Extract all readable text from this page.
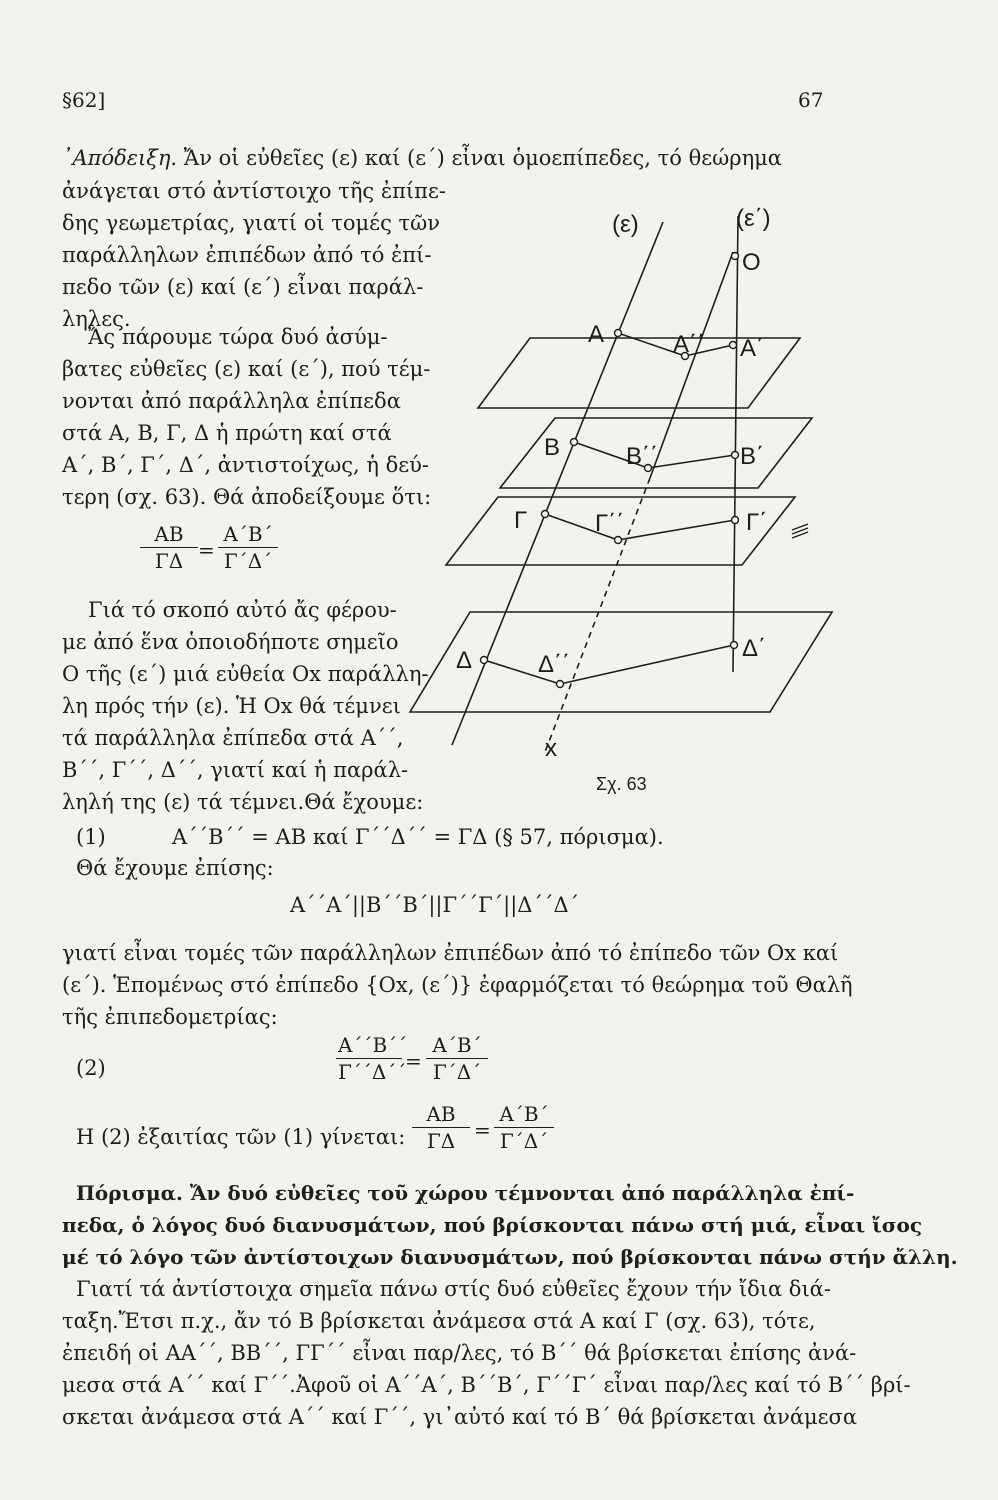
§62]	67
᾿Απόδειξη. Ἄν οἱ εὐθεῖες (ε) καί (ε΄) εἶναι ὁμοεπίπεδες, τό θεώρημα
ἀνάγεται στό ἀντίστοιχο τῆς ἐπίπε-
δης γεωμετρίας, γιατί οἱ τομές τῶν
παράλληλων ἐπιπέδων ἀπό τό ἐπί-
πεδο τῶν (ε) καί (ε΄) εἶναι παράλ-
ληλες.
Ἄς πάρουμε τώρα δυό ἀσύμ-
βατες εὐθεῖες (ε) καί (ε΄), πού τέμ-
νονται ἀπό παράλληλα ἐπίπεδα
στά Α, Β, Γ, Δ ἡ πρώτη καί στά
Α΄, Β΄, Γ΄, Δ΄, ἀντιστοίχως, ἡ δεύ-
τερη (σχ. 63). Θά ἀποδείξουμε ὅτι:
ΑΒ
ΓΔ =
Α΄Β΄
Γ΄Δ΄
Γιά τό σκοπό αὐτό ἄς φέρου-
με ἀπό ἕνα ὁποιοδήποτε σημεῖο
Ο τῆς (ε΄) μιά εὐθεία Οx παράλλη-
λη πρός τήν (ε). Ἡ Οx θά τέμνει
τά παράλληλα ἐπίπεδα στά Α΄΄,
Β΄΄, Γ΄΄, Δ΄΄, γιατί καί ἡ παράλ-
ληλή της (ε) τά τέμνει.Θά ἔχουμε:
(1)	Α΄΄Β΄΄ = ΑΒ καί Γ΄΄Δ΄΄ = ΓΔ (§ 57, πόρισμα).
Θά ἔχουμε ἐπίσης:
Α΄΄Α΄||Β΄΄Β΄||Γ΄΄Γ΄||Δ΄΄Δ΄
γιατί εἶναι τομές τῶν παράλληλων ἐπιπέδων ἀπό τό ἐπίπεδο τῶν Οx καί
(ε΄). Ἑπομένως στό ἐπίπεδο {Οx, (ε΄)} ἐφαρμόζεται τό θεώρημα τοῦ Θαλῆ
τῆς ἐπιπεδομετρίας:
(2)
Α΄΄Β΄΄
Γ΄΄Δ΄΄
=
Α΄Β΄
Γ΄Δ΄
Η (2) ἐξαιτίας τῶν (1) γίνεται:
ΑΒ
ΓΔ =
Α΄Β΄
Γ΄Δ΄
Πόρισμα. Ἄν δυό εὐθεῖες τοῦ χώρου τέμνονται ἀπό παράλληλα ἐπί-
πεδα, ὁ λόγος δυό διανυσμάτων, πού βρίσκονται πάνω στή μιά, εἶναι ἴσος
μέ τό λόγο τῶν ἀντίστοιχων διανυσμάτων, πού βρίσκονται πάνω στήν ἄλλη.
Γιατί τά ἀντίστοιχα σημεῖα πάνω στίς δυό εὐθεῖες ἔχουν τήν ἴδια διά-
ταξη.Ἔτσι π.χ., ἄν τό Β βρίσκεται ἀνάμεσα στά Α καί Γ (σχ. 63), τότε,
ἐπειδή οἱ ΑΑ΄΄, ΒΒ΄΄, ΓΓ΄΄ εἶναι παρ/λες, τό Β΄΄ θά βρίσκεται ἐπίσης ἀνά-
μεσα στά Α΄΄ καί Γ΄΄.Ἀφοῦ οἱ Α΄΄Α΄, Β΄΄Β΄, Γ΄΄Γ΄ εἶναι παρ/λες καί τό Β΄΄ βρί-
σκεται ἀνάμεσα στά Α΄΄ καί Γ΄΄, γι᾿αὐτό καί τό Β΄ θά βρίσκεται ἀνάμεσα
(ε)	(ε΄)
O
A	A΄΄ A΄
B	B΄΄	B΄
Γ	Γ΄΄	Γ΄
Δ	Δ΄΄
Δ΄
x
Σχ. 63
